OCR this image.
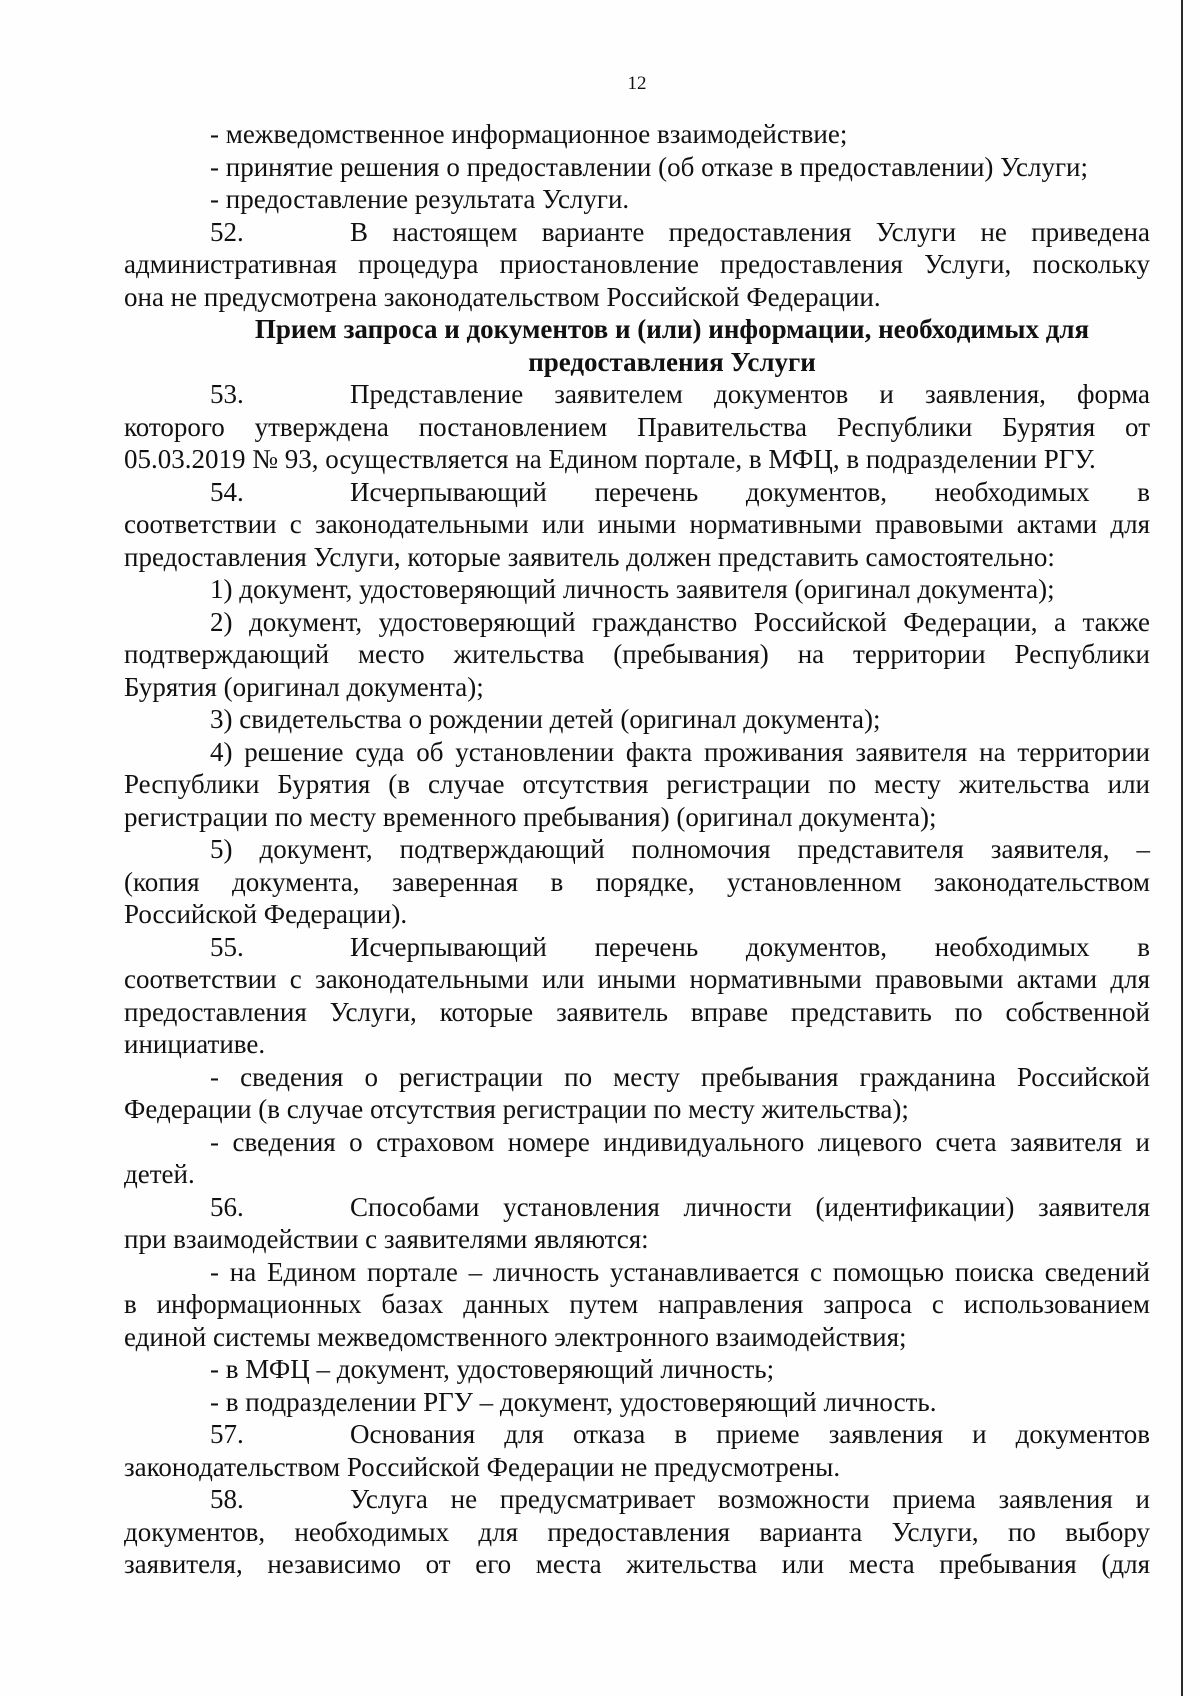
12

- межведомственное информационное взаимодействие;

- принятие решения о предоставлении (об отказе в предоставлении) Услуги;

- предоставление результата Услуги.

52.	В настоящем варианте предоставления Услуги не приведена

административная процедура приостановление предоставления Услуги, поскольку

она не предусмотрена законодательством Российской Федерации.

Прием запроса и документов и (или) информации, необходимых для

предоставления Услуги

53.	Представление заявителем документов и заявления, форма

которого утверждена постановлением Правительства Республики Бурятия от

05.03.2019 № 93, осуществляется на Едином портале, в МФЦ, в подразделении РГУ.

54.	Исчерпывающий перечень документов, необходимых в

соответствии с законодательными или иными нормативными правовыми актами для

предоставления Услуги, которые заявитель должен представить самостоятельно:

1) документ, удостоверяющий личность заявителя (оригинал документа);

2) документ, удостоверяющий гражданство Российской Федерации, а также

подтверждающий место жительства (пребывания) на территории Республики

Бурятия (оригинал документа);

3) свидетельства о рождении детей (оригинал документа);

4) решение суда об установлении факта проживания заявителя на территории

Республики Бурятия (в случае отсутствия регистрации по месту жительства или

регистрации по месту временного пребывания) (оригинал документа);

5) документ, подтверждающий полномочия представителя заявителя, –

(копия документа, заверенная в порядке, установленном законодательством

Российской Федерации).

55.	Исчерпывающий перечень документов, необходимых в

соответствии с законодательными или иными нормативными правовыми актами для

предоставления Услуги, которые заявитель вправе представить по собственной

инициативе.

- сведения о регистрации по месту пребывания гражданина Российской

Федерации (в случае отсутствия регистрации по месту жительства);

- сведения о страховом номере индивидуального лицевого счета заявителя и

детей.

56.	Способами установления личности (идентификации) заявителя

при взаимодействии с заявителями являются:

- на Едином портале – личность устанавливается с помощью поиска сведений

в информационных базах данных путем направления запроса с использованием

единой системы межведомственного электронного взаимодействия;

- в МФЦ – документ, удостоверяющий личность;

- в подразделении РГУ – документ, удостоверяющий личность.

57.	Основания для отказа в приеме заявления и документов

законодательством Российской Федерации не предусмотрены.

58.	Услуга не предусматривает возможности приема заявления и

документов, необходимых для предоставления варианта Услуги, по выбору

заявителя, независимо от его места жительства или места пребывания (для
